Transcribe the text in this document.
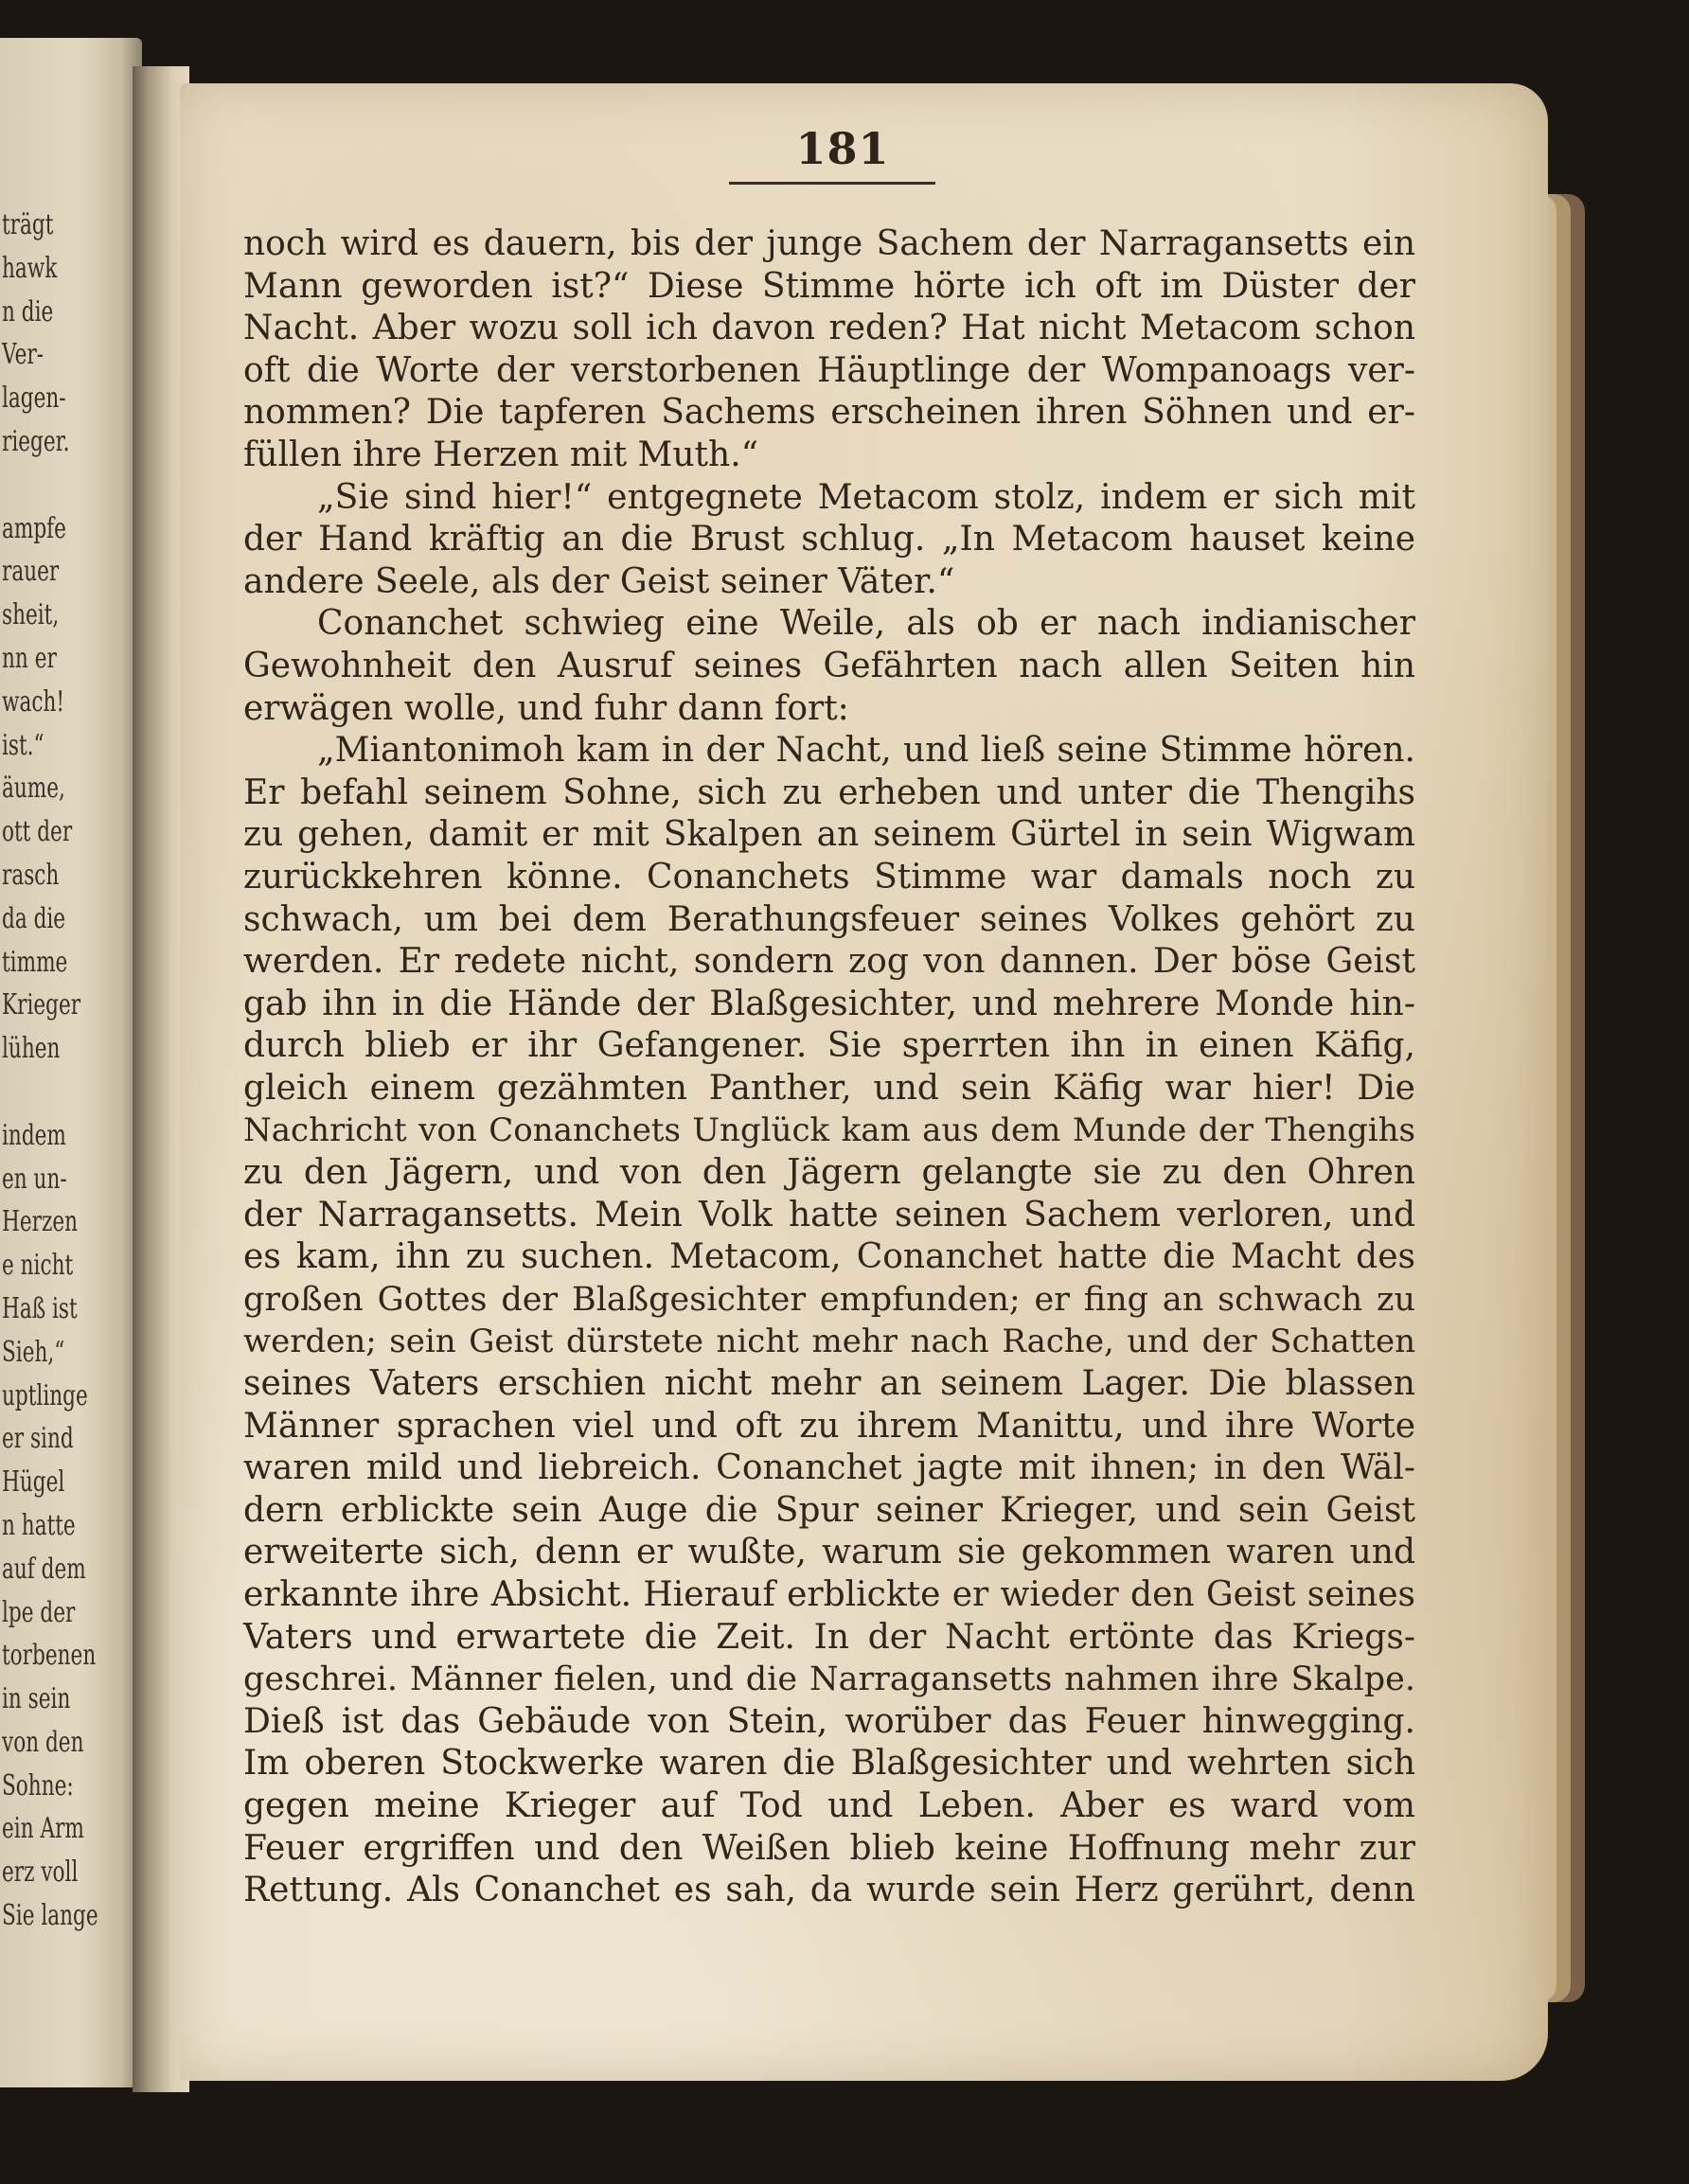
trägt
hawk
n die
Ver-
lagen-
rieger.
ampfe
rauer
sheit,
nn er
wach!
ist.“
äume,
ott der
rasch
da die
timme
Krieger
lühen
indem
en un-
Herzen
e nicht
Haß ist
Sieh,“
uptlinge
er sind
Hügel
n hatte
auf dem
lpe der
torbenen
in sein
von den
Sohne:
ein Arm
erz voll
Sie lange
181
noch wird es dauern, bis der junge Sachem der Narragansetts ein
Mann geworden ist?“ Diese Stimme hörte ich oft im Düster der
Nacht. Aber wozu soll ich davon reden? Hat nicht Metacom schon
oft die Worte der verstorbenen Häuptlinge der Wompanoags ver-
nommen? Die tapferen Sachems erscheinen ihren Söhnen und er-
füllen ihre Herzen mit Muth.“
„Sie sind hier!“ entgegnete Metacom stolz, indem er sich mit
der Hand kräftig an die Brust schlug. „In Metacom hauset keine
andere Seele, als der Geist seiner Väter.“
Conanchet schwieg eine Weile, als ob er nach indianischer
Gewohnheit den Ausruf seines Gefährten nach allen Seiten hin
erwägen wolle, und fuhr dann fort:
„Miantonimoh kam in der Nacht, und ließ seine Stimme hören.
Er befahl seinem Sohne, sich zu erheben und unter die Thengihs
zu gehen, damit er mit Skalpen an seinem Gürtel in sein Wigwam
zurückkehren könne. Conanchets Stimme war damals noch zu
schwach, um bei dem Berathungsfeuer seines Volkes gehört zu
werden. Er redete nicht, sondern zog von dannen. Der böse Geist
gab ihn in die Hände der Blaßgesichter, und mehrere Monde hin-
durch blieb er ihr Gefangener. Sie sperrten ihn in einen Käfig,
gleich einem gezähmten Panther, und sein Käfig war hier! Die
Nachricht von Conanchets Unglück kam aus dem Munde der Thengihs
zu den Jägern, und von den Jägern gelangte sie zu den Ohren
der Narragansetts. Mein Volk hatte seinen Sachem verloren, und
es kam, ihn zu suchen. Metacom, Conanchet hatte die Macht des
großen Gottes der Blaßgesichter empfunden; er fing an schwach zu
werden; sein Geist dürstete nicht mehr nach Rache, und der Schatten
seines Vaters erschien nicht mehr an seinem Lager. Die blassen
Männer sprachen viel und oft zu ihrem Manittu, und ihre Worte
waren mild und liebreich. Conanchet jagte mit ihnen; in den Wäl-
dern erblickte sein Auge die Spur seiner Krieger, und sein Geist
erweiterte sich, denn er wußte, warum sie gekommen waren und
erkannte ihre Absicht. Hierauf erblickte er wieder den Geist seines
Vaters und erwartete die Zeit. In der Nacht ertönte das Kriegs-
geschrei. Männer fielen, und die Narragansetts nahmen ihre Skalpe.
Dieß ist das Gebäude von Stein, worüber das Feuer hinwegging.
Im oberen Stockwerke waren die Blaßgesichter und wehrten sich
gegen meine Krieger auf Tod und Leben. Aber es ward vom
Feuer ergriffen und den Weißen blieb keine Hoffnung mehr zur
Rettung. Als Conanchet es sah, da wurde sein Herz gerührt, denn
